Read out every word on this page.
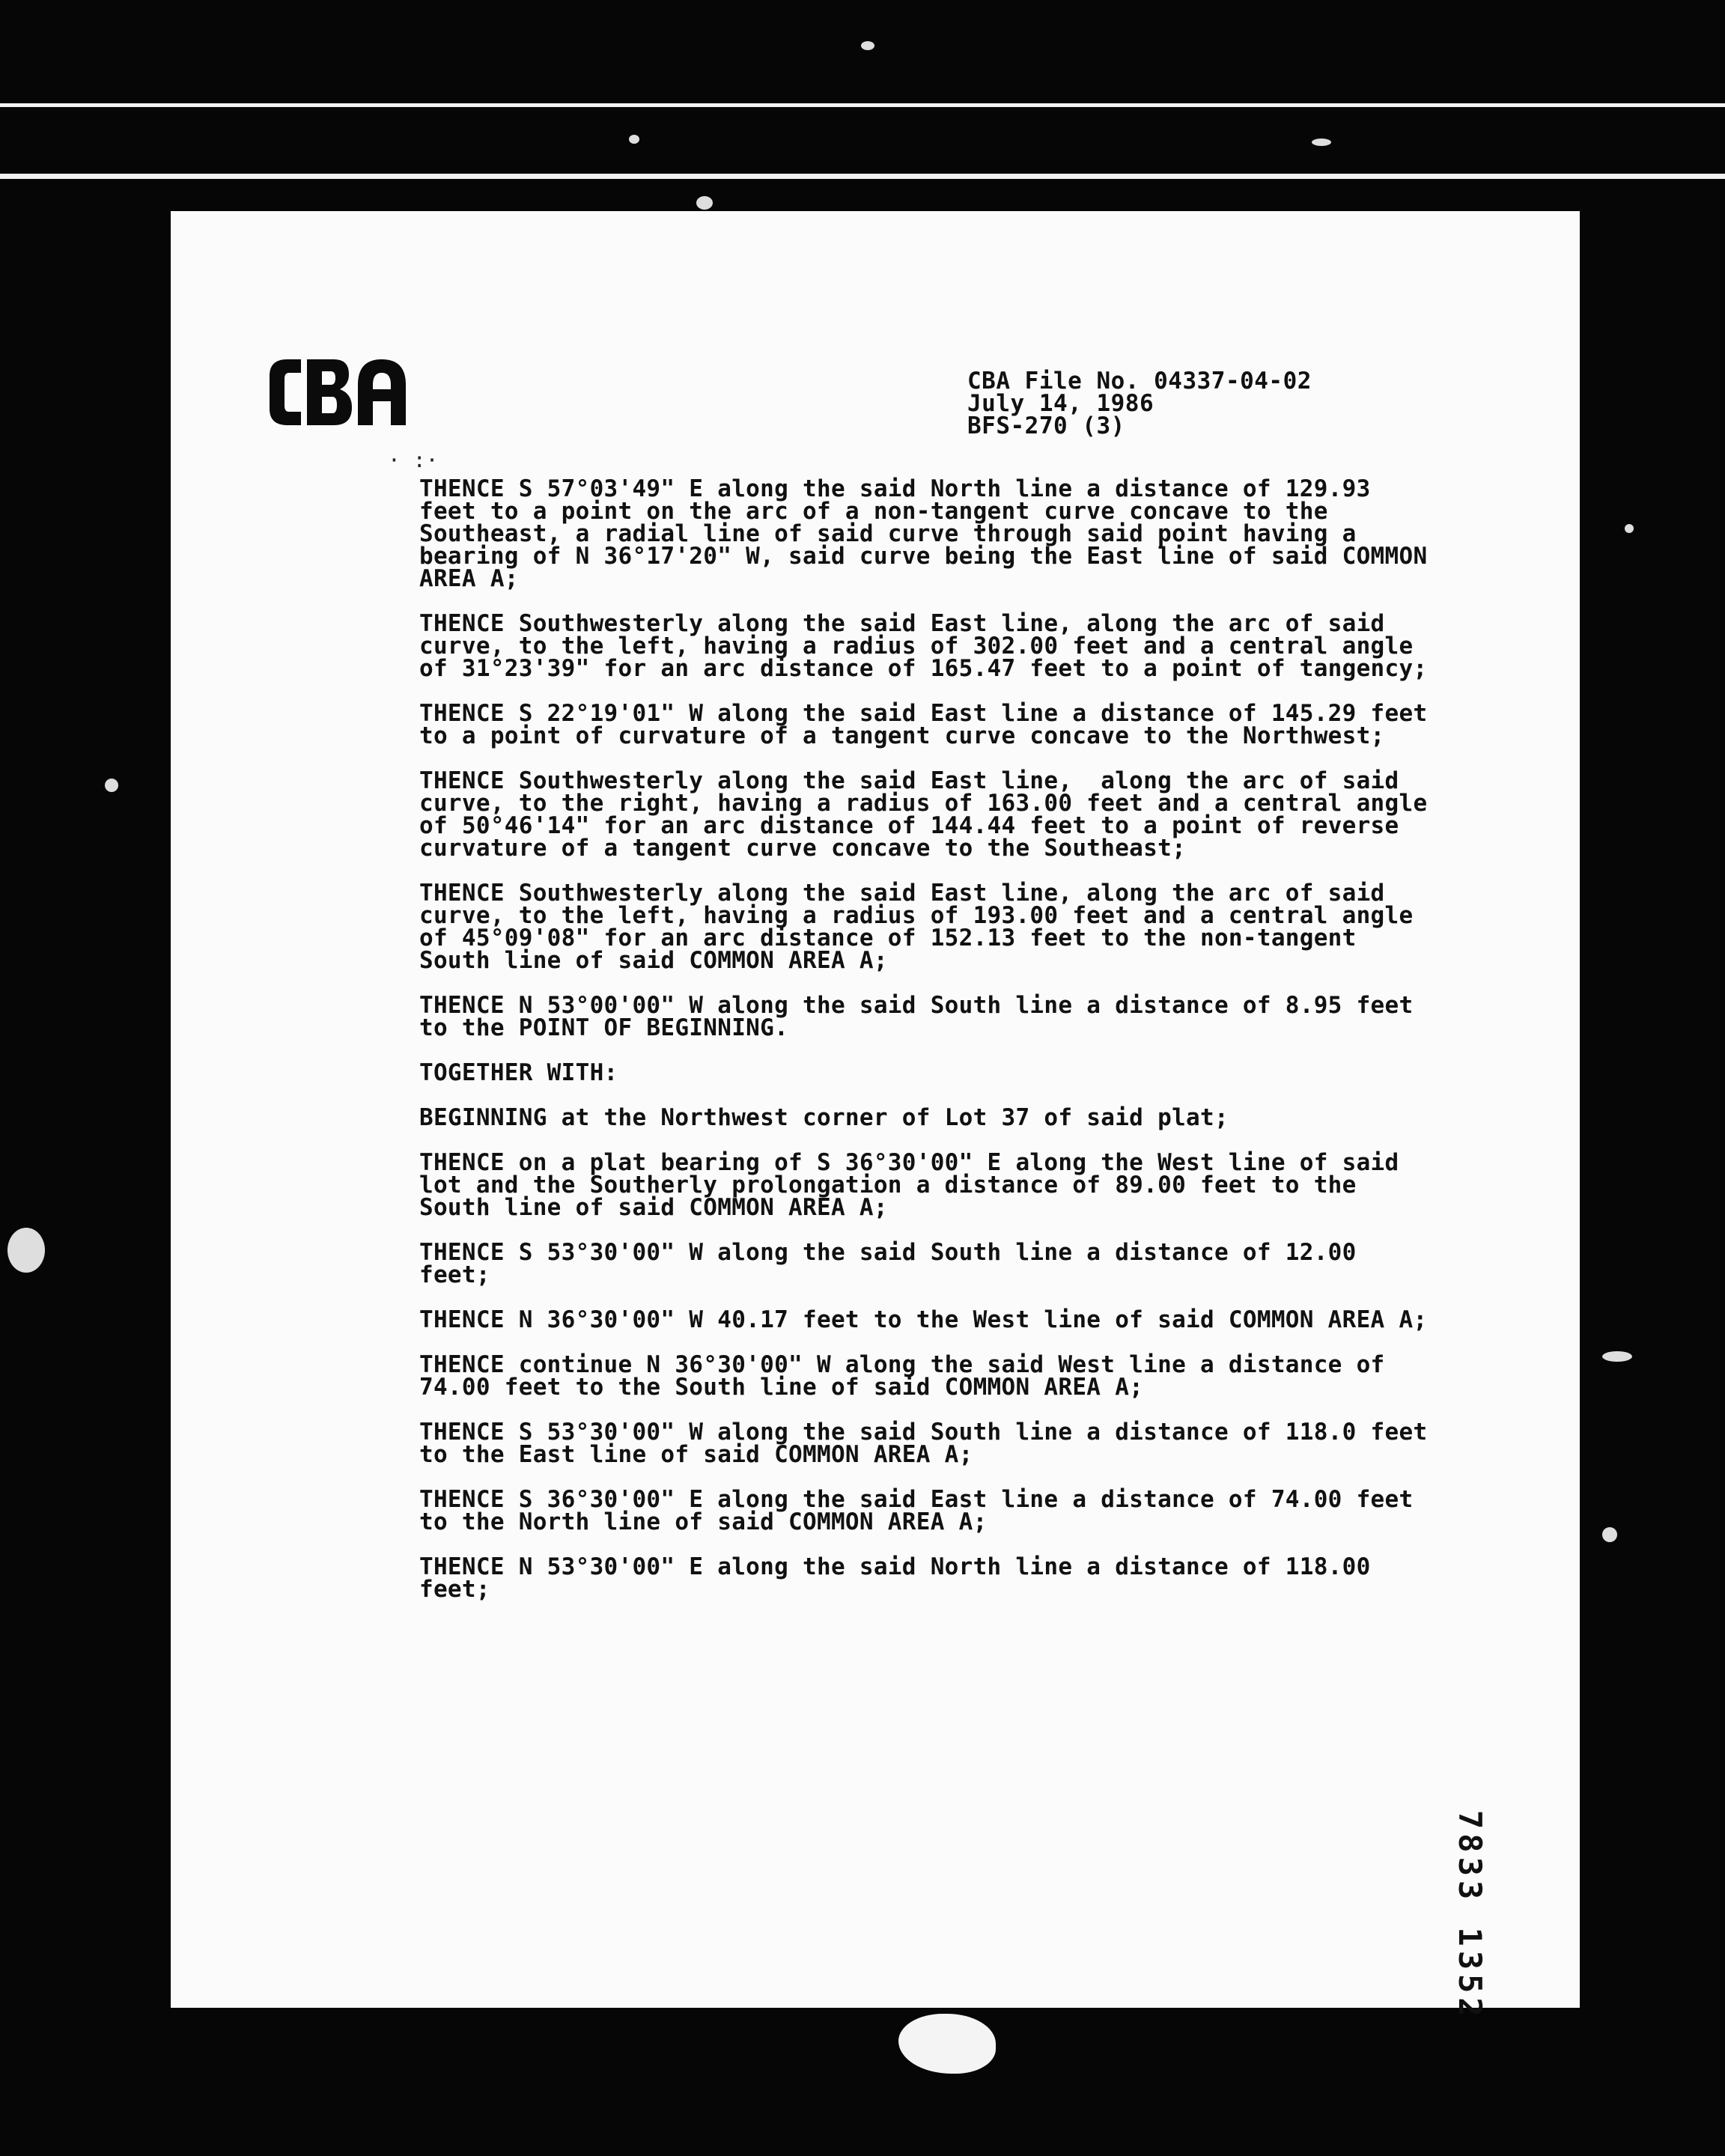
· :·
CBA File No. 04337-04-02
July 14, 1986
BFS-270 (3)
THENCE S 57°03'49" E along the said North line a distance of 129.93
feet to a point on the arc of a non-tangent curve concave to the
Southeast, a radial line of said curve through said point having a
bearing of N 36°17'20" W, said curve being the East line of said COMMON
AREA A;
THENCE Southwesterly along the said East line, along the arc of said
curve, to the left, having a radius of 302.00 feet and a central angle
of 31°23'39" for an arc distance of 165.47 feet to a point of tangency;
THENCE S 22°19'01" W along the said East line a distance of 145.29 feet
to a point of curvature of a tangent curve concave to the Northwest;
THENCE Southwesterly along the said East line,  along the arc of said
curve, to the right, having a radius of 163.00 feet and a central angle
of 50°46'14" for an arc distance of 144.44 feet to a point of reverse
curvature of a tangent curve concave to the Southeast;
THENCE Southwesterly along the said East line, along the arc of said
curve, to the left, having a radius of 193.00 feet and a central angle
of 45°09'08" for an arc distance of 152.13 feet to the non-tangent
South line of said COMMON AREA A;
THENCE N 53°00'00" W along the said South line a distance of 8.95 feet
to the POINT OF BEGINNING.
TOGETHER WITH:
BEGINNING at the Northwest corner of Lot 37 of said plat;
THENCE on a plat bearing of S 36°30'00" E along the West line of said
lot and the Southerly prolongation a distance of 89.00 feet to the
South line of said COMMON AREA A;
THENCE S 53°30'00" W along the said South line a distance of 12.00
feet;
THENCE N 36°30'00" W 40.17 feet to the West line of said COMMON AREA A;
THENCE continue N 36°30'00" W along the said West line a distance of
74.00 feet to the South line of said COMMON AREA A;
THENCE S 53°30'00" W along the said South line a distance of 118.0 feet
to the East line of said COMMON AREA A;
THENCE S 36°30'00" E along the said East line a distance of 74.00 feet
to the North line of said COMMON AREA A;
THENCE N 53°30'00" E along the said North line a distance of 118.00
feet;
7833 1352
